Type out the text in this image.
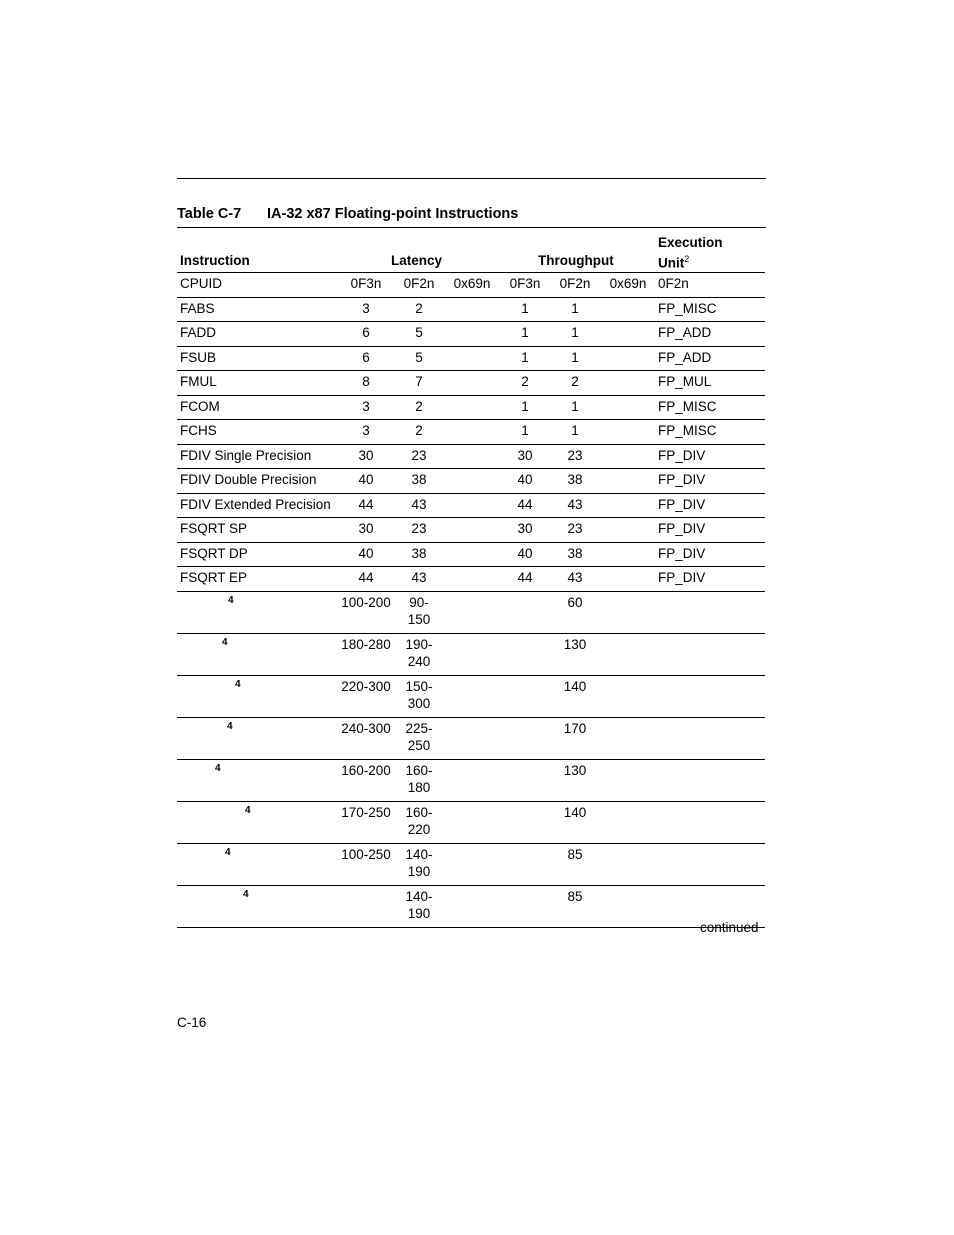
Table C-7 IA-32 x87 Floating-point Instructions
Instruction	Latency	Throughput
Execution
Unit$^2$
CPUID	0F3n	0F2n	0x69n	0F3n	0F2n	0x69n	0F2n
FABS	3	2		1	1		FP_MISC
FADD	6	5		1	1		FP_ADD
FSUB	6	5		1	1		FP_ADD
FMUL	8	7		2	2		FP_MUL
FCOM	3	2		1	1		FP_MISC
FCHS	3	2		1	1		FP_MISC
FDIV Single Precision	30	23		30	23		FP_DIV
FDIV Double Precision	40	38		40	38		FP_DIV
FDIV Extended Precision	44	43		44	43		FP_DIV
FSQRT SP	30	23		30	23		FP_DIV
FSQRT DP	40	38		40	38		FP_DIV
FSQRT EP	44	43		44	43		FP_DIV
$^4$	100-200	90-150			60		
$^4$	180-280	190-240			130		
$^4$	220-300	150-300			140		
$^4$	240-300	225-250			170		
$^4$	160-200	160-180			130		
$^4$	170-250	160-220			140		
$^4$	100-250	140-190			85		
$^4$		140-190			85		
continued
C-16
